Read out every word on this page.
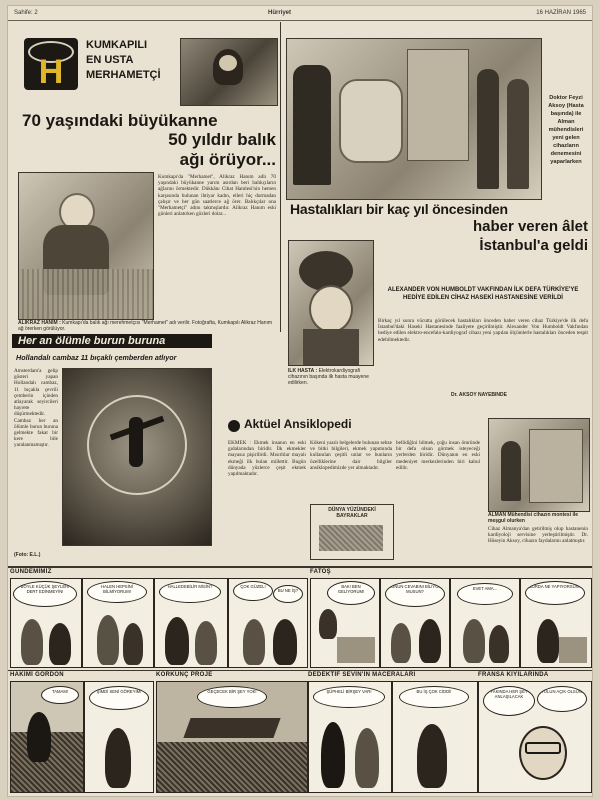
Sahife: 2	Hürriyet	16 HAZİRAN 1965
H
KUMKAPILI
EN USTA
MERHAMETÇİ
70 yaşındaki büyükanne
50 yıldır balık
ağı örüyor...
Kumkapı'da "Merhamet", Alikraz Hanım adlı 70 yaşındaki büyükanne yarım asırdan beri balıkçıların ağlarını örmektedir. Dükkânı Cihat Hamlesi'nin hemen karşısında bulunan ihtiyar kadın, elleri hiç durmadan çalışır ve her gün saatlerce ağ örer. Balıkçılar ona "Merhametçi" adını takmışlardır. Alikraz Hanım eski günleri anlatırken gözleri dolar...
ALİKRAZ HANIM : Kumkapı'da balık ağı merehmetçısı "Merhamet" adı verilir. Fotoğrafta, Kumkapılı Alikraz Hanım ağ örerken görülüyor.
Doktor Feyzi Aksoy (Hasta başında) ile Alman mühendisleri yeni gelen cihazların denemesini yaparlarken
Hastalıkları bir kaç yıl öncesinden
haber veren âlet
İstanbul'a geldi
İLK HASTA : Elektrokardiyografi cihazının başında ilk hasta muayene edilirken.
ALEXANDER VON HUMBOLDT VAKFINDAN İLK DEFA TÜRKİYE'YE HEDİYE EDİLEN CİHAZ HASEKİ HASTANESİNE VERİLDİ
Birkaç yıl sonra vücutta görülecek hastalıkları önceden haber veren cihaz Türkiye'de ilk defa İstanbul'daki Haseki Hastanesinde faaliyete geçirilmiştir. Alexander Von Humboldt Vakfından hediye edilen elektro-encefalo-kardiyograf cihazı yeni yapılan ölçümlerle hastalıkları önceden tespit edebilmektedir.
Dr. AKSOY NAYEBİNDE
Her an ölümle burun buruna
Hollandalı cambaz 11 bıçaklı çemberden atlıyor
Amsterdam'a gelip gösteri yapan Hollandalı cambaz, 11 bıçakla çevrili çemberin içinden atlayarak seyircileri hayrete düşürmektedir. Cambaz her an ölümle burun buruna gelmekte fakat bir kere bile yaralanmamıştır.
(Foto: E.L.)
Aktüel Ansiklopedi
EKMEK : Ekmek insanın en eski gıdalarından biridir. İlk ekmekler mayasız pişirilirdi. Mısırlılar mayalı ekmeği ilk bulan millettir. Bugün dünyada yüzlerce çeşit ekmek yapılmaktadır.
Kökeni yazılı belgelerde bulunan sebze ve bitki bilgileri, ekmek yapımında kullanılan çeşitli unlar ve bunların özelliklerine dair bilgiler ansiklopedimizde yer almaktadır.
DÜNYA YÜZÜNDEKİ BAYRAKLAR
bellidiğini bilmek, çoğu insan ömründe bir defa olsun görmek isteyeceği yerlerden biridir. Dünyanın en eski medeniyet merkezlerinden biri kabul edilir.
ALMAN Mühendisi cihazın montesi ile meşgul olurken
Cihaz Almanya'dan getirilmiş olup hastanenin kardiyoloji servisine yerleştirilmiştir. Dr. Hüseyin Aksoy, cihazın faydalarını anlatmıştır.
GUNDEMİMİZ	FATOŞ
BÖYLE KÜÇÜK ŞEYLERİ DERT EDİNMEYİN!
HALEN HEPSİNİ BİLMİYORUM!
HALLEDEBİLİR MİSİN?	ÇOK GÜZEL!
BU NE İŞ?
BAK! BEN GELİYORUM!
BUNUN CEVABINI BİLİYOR MUSUN?
EVET AMA...	BURDA NE YAPIYORSUN?
HAKİMİ GORDON	KORKUNÇ PROJE	DEDEKTİF SEVİN'İN MACERALARI	FRANSA KIYILARINDA
TAMAM!	ŞİMDİ SENİ GÖREYİM!	GEÇECEK BİR ŞEY YOK!	ŞÜPHELİ BİRŞEY VAR!	BU İŞ ÇOK CİDDİ!	YAKINDA HER ŞEY ANLAŞILACAK
YOLUN AÇIK OLSUN!
